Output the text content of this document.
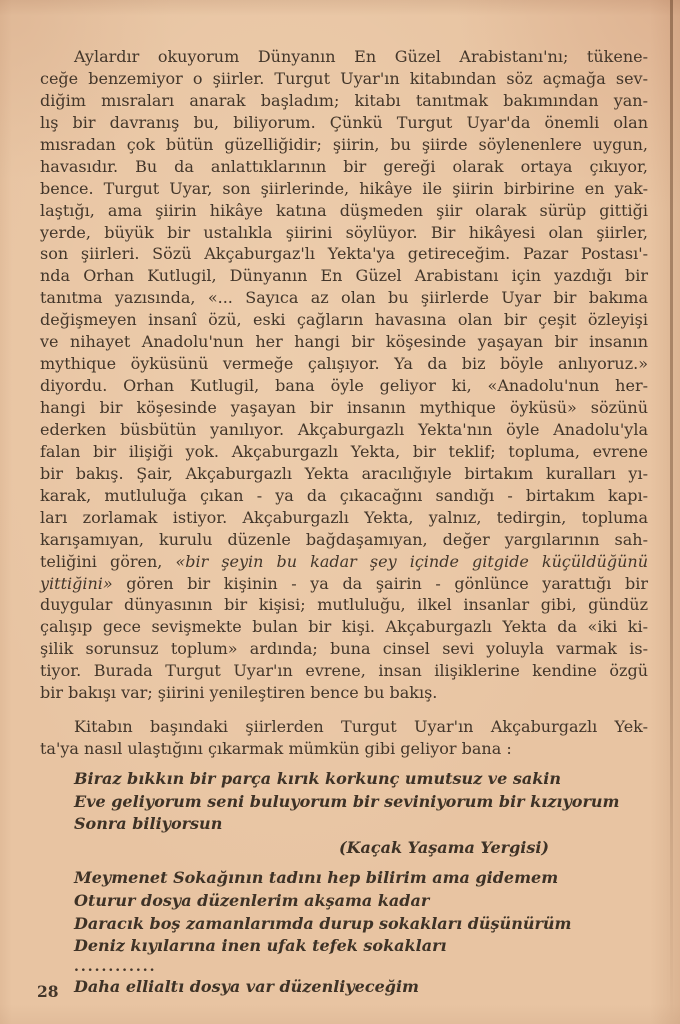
Aylardır okuyorum Dünyanın En Güzel Arabistanı'nı; tükene-
ceğe benzemiyor o şiirler. Turgut Uyar'ın kitabından söz açmağa sev-
diğim mısraları anarak başladım; kitabı tanıtmak bakımından yan-
lış bir davranış bu, biliyorum. Çünkü Turgut Uyar'da önemli olan
mısradan çok bütün güzelliğidir; şiirin, bu şiirde söylenenlere uygun,
havasıdır. Bu da anlattıklarının bir gereği olarak ortaya çıkıyor,
bence. Turgut Uyar, son şiirlerinde, hikâye ile şiirin birbirine en yak-
laştığı, ama şiirin hikâye katına düşmeden şiir olarak sürüp gittiği
yerde, büyük bir ustalıkla şiirini söylüyor. Bir hikâyesi olan şiirler,
son şiirleri. Sözü Akçaburgaz'lı Yekta'ya getireceğim. Pazar Postası'-
nda Orhan Kutlugil, Dünyanın En Güzel Arabistanı için yazdığı bir
tanıtma yazısında, «... Sayıca az olan bu şiirlerde Uyar bir bakıma
değişmeyen insanî özü, eski çağların havasına olan bir çeşit özleyişi
ve nihayet Anadolu'nun her hangi bir köşesinde yaşayan bir insanın
mythique öyküsünü vermeğe çalışıyor. Ya da biz böyle anlıyoruz.»
diyordu. Orhan Kutlugil, bana öyle geliyor ki, «Anadolu'nun her-
hangi bir köşesinde yaşayan bir insanın mythique öyküsü» sözünü
ederken büsbütün yanılıyor. Akçaburgazlı Yekta'nın öyle Anadolu'yla
falan bir ilişiği yok. Akçaburgazlı Yekta, bir teklif; topluma, evrene
bir bakış. Şair, Akçaburgazlı Yekta aracılığıyle birtakım kuralları yı-
karak, mutluluğa çıkan - ya da çıkacağını sandığı - birtakım kapı-
ları zorlamak istiyor. Akçaburgazlı Yekta, yalnız, tedirgin, topluma
karışamıyan, kurulu düzenle bağdaşamıyan, değer yargılarının sah-
teliğini gören, «bir şeyin bu kadar şey içinde gitgide küçüldüğünü
yittiğini» gören bir kişinin - ya da şairin - gönlünce yarattığı bir
duygular dünyasının bir kişisi; mutluluğu, ilkel insanlar gibi, gündüz
çalışıp gece sevişmekte bulan bir kişi. Akçaburgazlı Yekta da «iki ki-
şilik sorunsuz toplum» ardında; buna cinsel sevi yoluyla varmak is-
tiyor. Burada Turgut Uyar'ın evrene, insan ilişiklerine kendine özgü
bir bakışı var; şiirini yenileştiren bence bu bakış.
Kitabın başındaki şiirlerden Turgut Uyar'ın Akçaburgazlı Yek-
ta'ya nasıl ulaştığını çıkarmak mümkün gibi geliyor bana :
Biraz bıkkın bir parça kırık korkunç umutsuz ve sakin
Eve geliyorum seni buluyorum bir seviniyorum bir kızıyorum
Sonra biliyorsun
(Kaçak Yaşama Yergisi)
Meymenet Sokağının tadını hep bilirim ama gidemem
Oturur dosya düzenlerim akşama kadar
Daracık boş zamanlarımda durup sokakları düşünürüm
Deniz kıyılarına inen ufak tefek sokakları
............
Daha ellialtı dosya var düzenliyeceğim
28
